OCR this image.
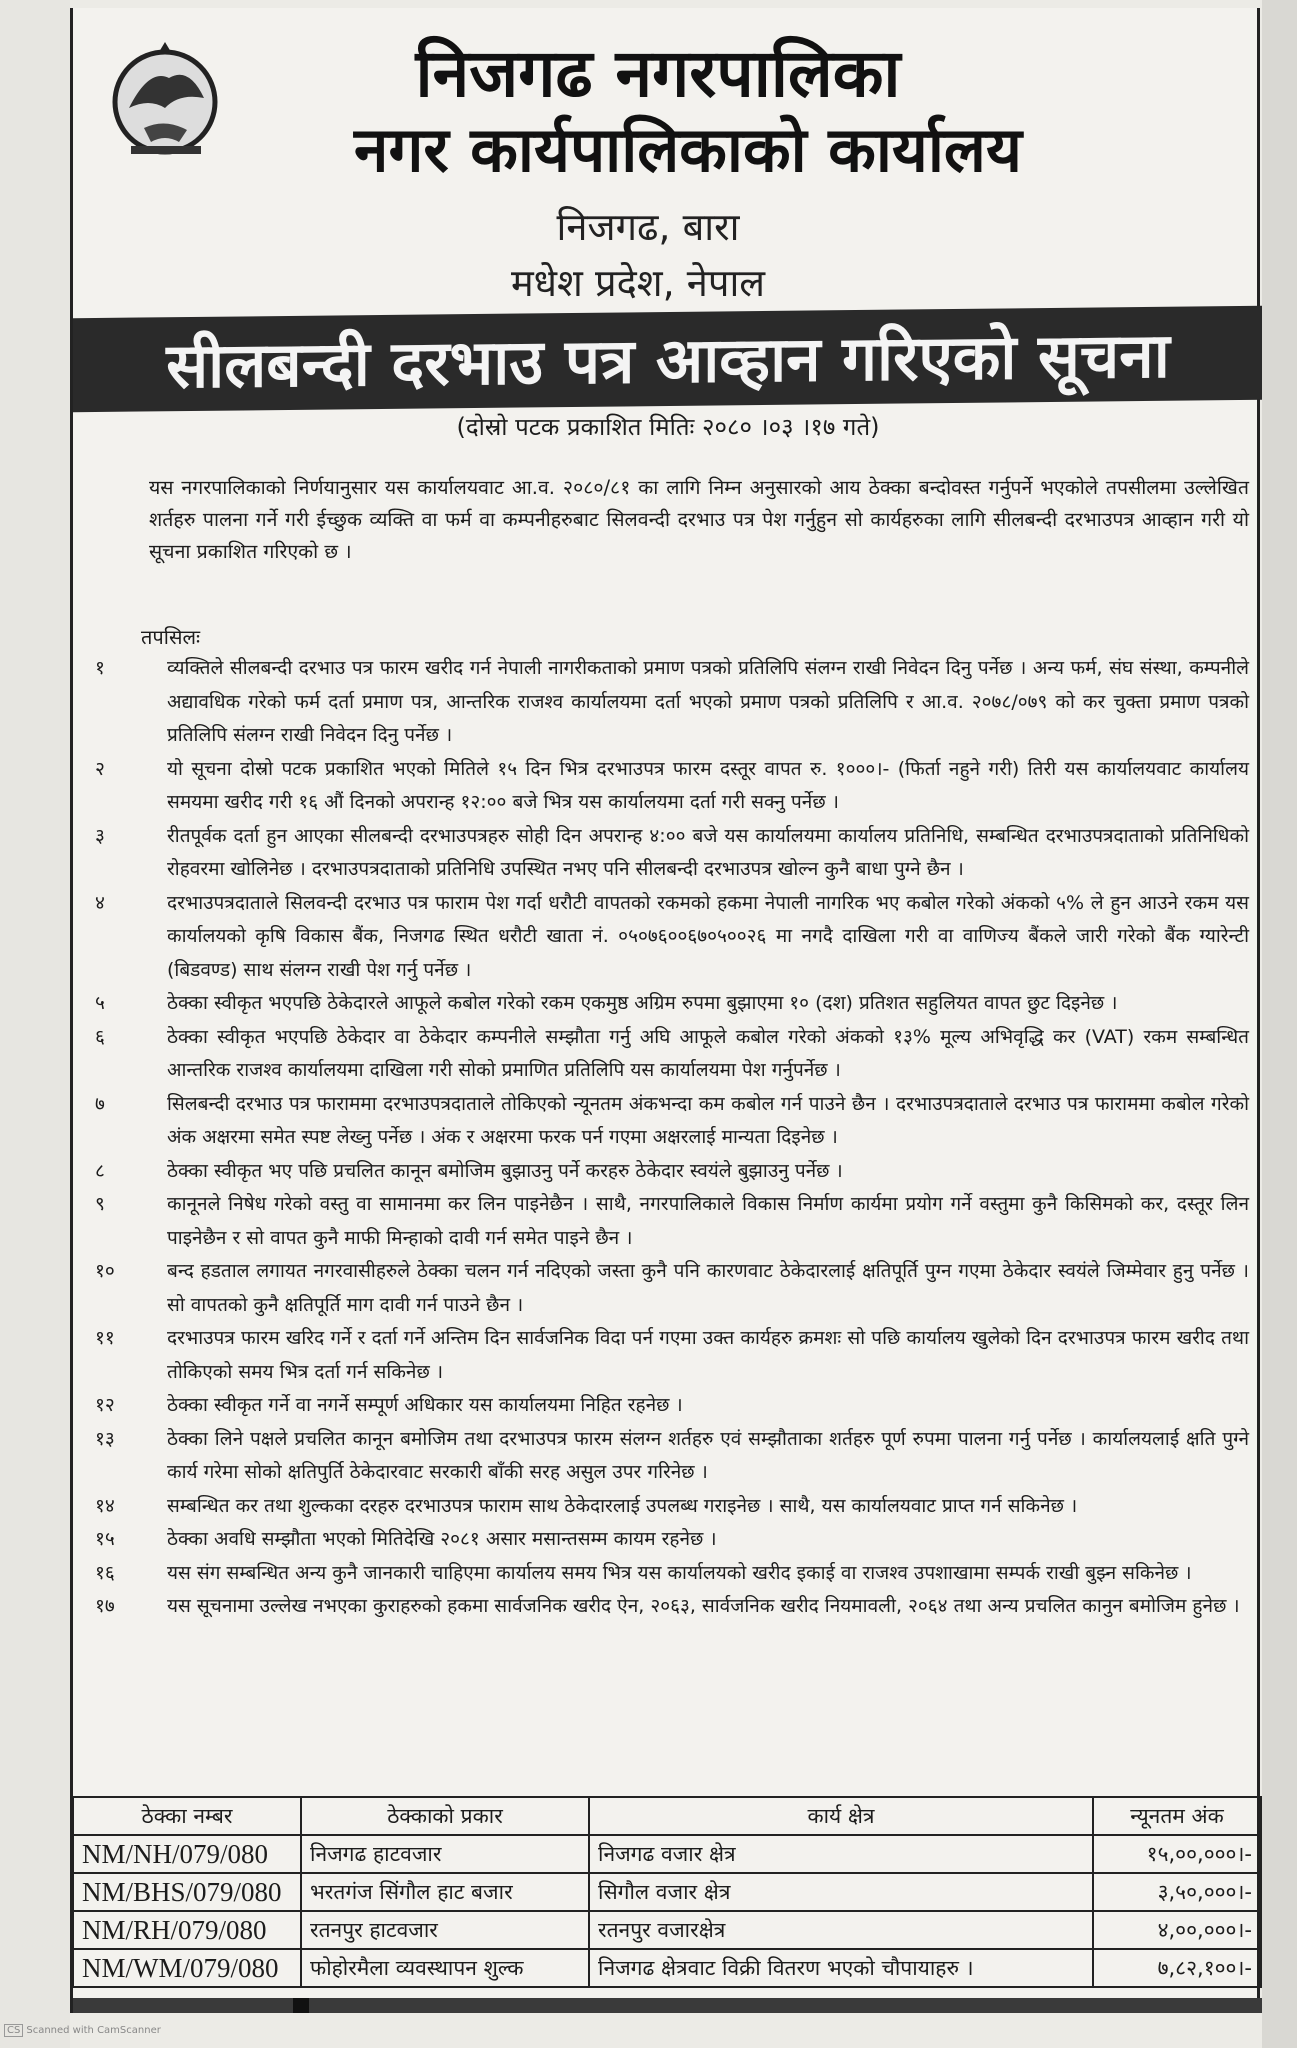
निजगढ नगरपालिका
नगर कार्यपालिकाको कार्यालय
निजगढ, बारा
मधेश प्रदेश, नेपाल
सीलबन्दी दरभाउ पत्र आव्हान गरिएको सूचना
(दोस्रो पटक प्रकाशित मितिः २०८० ।०३ ।१७ गते)
यस नगरपालिकाको निर्णयानुसार यस कार्यालयवाट आ.व. २०८०/८१ का लागि निम्न अनुसारको आय ठेक्का बन्दोवस्त गर्नुपर्ने भएकोले तपसीलमा उल्लेखित शर्तहरु पालना गर्ने गरी ईच्छुक व्यक्ति वा फर्म वा कम्पनीहरुबाट सिलवन्दी दरभाउ पत्र पेश गर्नुहुन सो कार्यहरुका लागि सीलबन्दी दरभाउपत्र आव्हान गरी यो सूचना प्रकाशित गरिएको छ ।
तपसिलः
१	व्यक्तिले सीलबन्दी दरभाउ पत्र फारम खरीद गर्न नेपाली नागरीकताको प्रमाण पत्रको प्रतिलिपि संलग्न राखी निवेदन दिनु पर्नेछ । अन्य फर्म, संघ संस्था, कम्पनीले अद्यावधिक गरेको फर्म दर्ता प्रमाण पत्र, आन्तरिक राजश्व कार्यालयमा दर्ता भएको प्रमाण पत्रको प्रतिलिपि र आ.व. २०७८/०७९ को कर चुक्ता प्रमाण पत्रको प्रतिलिपि संलग्न राखी निवेदन दिनु पर्नेछ ।
२	यो सूचना दोस्रो पटक प्रकाशित भएको मितिले १५ दिन भित्र दरभाउपत्र फारम दस्तूर वापत रु. १०००।- (फिर्ता नहुने गरी) तिरी यस कार्यालयवाट कार्यालय समयमा खरीद गरी १६ औं दिनको अपरान्ह १२:०० बजे भित्र यस कार्यालयमा दर्ता गरी सक्नु पर्नेछ ।
३	रीतपूर्वक दर्ता हुन आएका सीलबन्दी दरभाउपत्रहरु सोही दिन अपरान्ह ४:०० बजे यस कार्यालयमा कार्यालय प्रतिनिधि, सम्बन्धित दरभाउपत्रदाताको प्रतिनिधिको रोहवरमा खोलिनेछ । दरभाउपत्रदाताको प्रतिनिधि उपस्थित नभए पनि सीलबन्दी दरभाउपत्र खोल्न कुनै बाधा पुग्ने छैन ।
४	दरभाउपत्रदाताले सिलवन्दी दरभाउ पत्र फाराम पेश गर्दा धरौटी वापतको रकमको हकमा नेपाली नागरिक भए कबोल गरेको अंकको ५% ले हुन आउने रकम यस कार्यालयको कृषि विकास बैंक, निजगढ स्थित धरौटी खाता नं. ०५०७६००६७०५००२६ मा नगदै दाखिला गरी वा वाणिज्य बैंकले जारी गरेको बैंक ग्यारेन्टी (बिडवण्ड) साथ संलग्न राखी पेश गर्नु पर्नेछ ।
५	ठेक्का स्वीकृत भएपछि ठेकेदारले आफूले कबोल गरेको रकम एकमुष्ठ अग्रिम रुपमा बुझाएमा १० (दश) प्रतिशत सहुलियत वापत छुट दिइनेछ ।
६	ठेक्का स्वीकृत भएपछि ठेकेदार वा ठेकेदार कम्पनीले सम्झौता गर्नु अघि आफूले कबोल गरेको अंकको १३% मूल्य अभिवृद्धि कर (VAT) रकम सम्बन्धित आन्तरिक राजश्व कार्यालयमा दाखिला गरी सोको प्रमाणित प्रतिलिपि यस कार्यालयमा पेश गर्नुपर्नेछ ।
७	सिलबन्दी दरभाउ पत्र फाराममा दरभाउपत्रदाताले तोकिएको न्यूनतम अंकभन्दा कम कबोल गर्न पाउने छैन । दरभाउपत्रदाताले दरभाउ पत्र फाराममा कबोल गरेको अंक अक्षरमा समेत स्पष्ट लेख्नु पर्नेछ । अंक र अक्षरमा फरक पर्न गएमा अक्षरलाई मान्यता दिइनेछ ।
८	ठेक्का स्वीकृत भए पछि प्रचलित कानून बमोजिम बुझाउनु पर्ने करहरु ठेकेदार स्वयंले बुझाउनु पर्नेछ ।
९	कानूनले निषेध गरेको वस्तु वा सामानमा कर लिन पाइनेछैन । साथै, नगरपालिकाले विकास निर्माण कार्यमा प्रयोग गर्ने वस्तुमा कुनै किसिमको कर, दस्तूर लिन पाइनेछैन र सो वापत कुनै माफी मिन्हाको दावी गर्न समेत पाइने छैन ।
१०	बन्द हडताल लगायत नगरवासीहरुले ठेक्का चलन गर्न नदिएको जस्ता कुनै पनि कारणवाट ठेकेदारलाई क्षतिपूर्ति पुग्न गएमा ठेकेदार स्वयंले जिम्मेवार हुनु पर्नेछ । सो वापतको कुनै क्षतिपूर्ति माग दावी गर्न पाउने छैन ।
११	दरभाउपत्र फारम खरिद गर्ने र दर्ता गर्ने अन्तिम दिन सार्वजनिक विदा पर्न गएमा उक्त कार्यहरु क्रमशः सो पछि कार्यालय खुलेको दिन दरभाउपत्र फारम खरीद तथा तोकिएको समय भित्र दर्ता गर्न सकिनेछ ।
१२	ठेक्का स्वीकृत गर्ने वा नगर्ने सम्पूर्ण अधिकार यस कार्यालयमा निहित रहनेछ ।
१३	ठेक्का लिने पक्षले प्रचलित कानून बमोजिम तथा दरभाउपत्र फारम संलग्न शर्तहरु एवं सम्झौताका शर्तहरु पूर्ण रुपमा पालना गर्नु पर्नेछ । कार्यालयलाई क्षति पुग्ने कार्य गरेमा सोको क्षतिपुर्ति ठेकेदारवाट सरकारी बाँकी सरह असुल उपर गरिनेछ ।
१४	सम्बन्धित कर तथा शुल्कका दरहरु दरभाउपत्र फाराम साथ ठेकेदारलाई उपलब्ध गराइनेछ । साथै, यस कार्यालयवाट प्राप्त गर्न सकिनेछ ।
१५	ठेक्का अवधि सम्झौता भएको मितिदेखि २०८१ असार मसान्तसम्म कायम रहनेछ ।
१६	यस संग सम्बन्धित अन्य कुनै जानकारी चाहिएमा कार्यालय समय भित्र यस कार्यालयको खरीद इकाई वा राजश्व उपशाखामा सम्पर्क राखी बुझ्न सकिनेछ ।
१७	यस सूचनामा उल्लेख नभएका कुराहरुको हकमा सार्वजनिक खरीद ऐन, २०६३, सार्वजनिक खरीद नियमावली, २०६४ तथा अन्य प्रचलित कानुन बमोजिम हुनेछ ।
ठेक्का नम्बर	ठेक्काको प्रकार	कार्य क्षेत्र	न्यूनतम अंक
NM/NH/079/080	निजगढ हाटवजार	निजगढ वजार क्षेत्र	१५,००,०००।-
NM/BHS/079/080	भरतगंज सिंगौल हाट बजार	सिगौल वजार क्षेत्र	३,५०,०००।-
NM/RH/079/080	रतनपुर हाटवजार	रतनपुर वजारक्षेत्र	४,००,०००।-
NM/WM/079/080	फोहोरमैला व्यवस्थापन शुल्क	निजगढ क्षेत्रवाट विक्री वितरण भएको चौपायाहरु ।	७,८२,१००।-
CS Scanned with CamScanner
